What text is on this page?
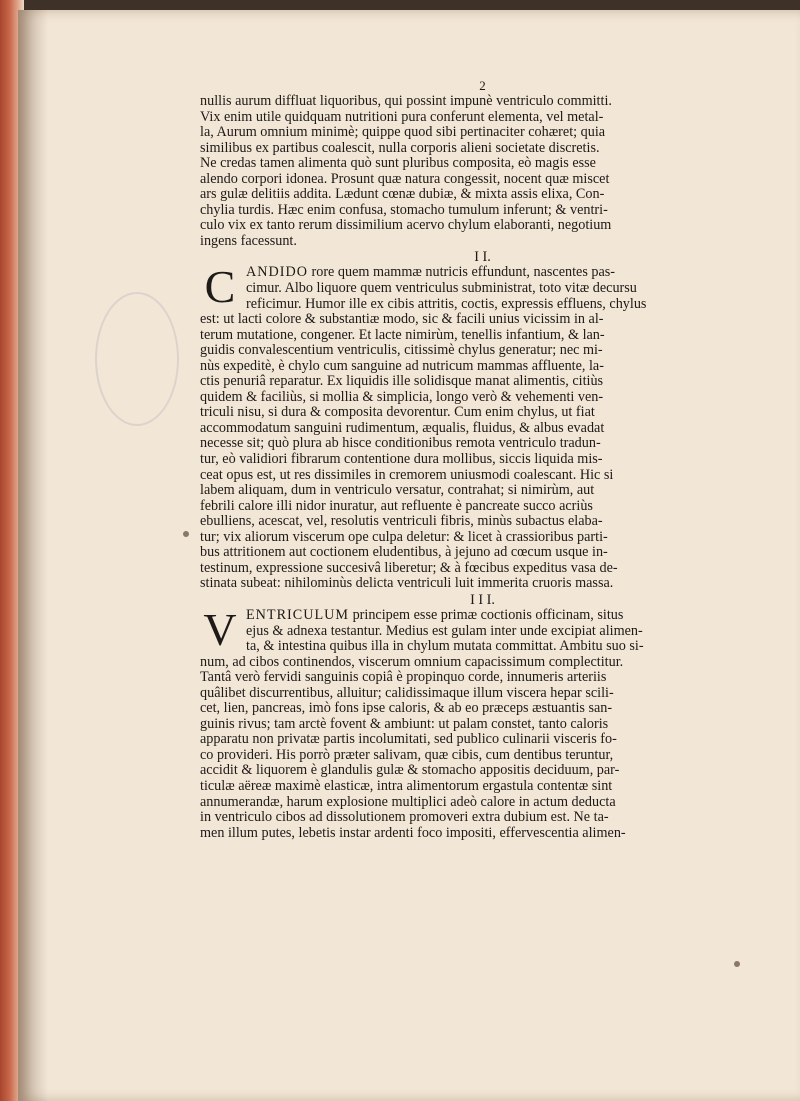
2

nullis aurum diffluat liquoribus, qui possint impunè ventriculo committi.
Vix enim utile quidquam nutritioni pura conferunt elementa, vel metal-
la, Aurum omnium minimè; quippe quod sibi pertinaciter cohæret; quia
similibus ex partibus coalescit, nulla corporis alieni societate discretis.
Ne credas tamen alimenta quò sunt pluribus composita, eò magis esse
alendo corpori idonea. Prosunt quæ natura congessit, nocent quæ miscet
ars gulæ delitiis addita. Lædunt cœnæ dubiæ, & mixta assis elixa, Con-
chylia turdis. Hæc enim confusa, stomacho tumulum inferunt; & ventri-
culo vix ex tanto rerum dissimilium acervo chylum elaboranti, negotium
ingens facessunt.

I I.

C ANDIDO rore quem mammæ nutricis effundunt, nascentes pas-
cimur. Albo liquore quem ventriculus subministrat, toto vitæ decursu
reficimur. Humor ille ex cibis attritis, coctis, expressis effluens, chylus
est: ut lacti colore & substantiæ modo, sic & facili unius vicissim in al-
terum mutatione, congener. Et lacte nimirùm, tenellis infantium, & lan-
guidis convalescentium ventriculis, citissimè chylus generatur; nec mi-
nùs expeditè, è chylo cum sanguine ad nutricum mammas affluente, la-
ctis penuriâ reparatur. Ex liquidis ille solidisque manat alimentis, citiùs
quidem & faciliùs, si mollia & simplicia, longo verò & vehementi ven-
triculi nisu, si dura & composita devorentur. Cum enim chylus, ut fiat
accommodatum sanguini rudimentum, æqualis, fluidus, & albus evadat
necesse sit; quò plura ab hisce conditionibus remota ventriculo tradun-
tur, eò validiori fibrarum contentione dura mollibus, siccis liquida mis-
ceat opus est, ut res dissimiles in cremorem uniusmodi coalescant. Hic si
labem aliquam, dum in ventriculo versatur, contrahat; si nimirùm, aut
febrili calore illi nidor inuratur, aut refluente è pancreate succo acriùs
ebulliens, acescat, vel, resolutis ventriculi fibris, minùs subactus elaba-
tur; vix aliorum viscerum ope culpa deletur: & licet à crassioribus parti-
bus attritionem aut coctionem eludentibus, à jejuno ad cœcum usque in-
testinum, expressione succesivâ liberetur; & à fœcibus expeditus vasa de-
stinata subeat: nihilominùs delicta ventriculi luit immerita cruoris massa.

I I I.

V ENTRICULUM principem esse primæ coctionis officinam, situs
ejus & adnexa testantur. Medius est gulam inter unde excipiat alimen-
ta, & intestina quibus illa in chylum mutata committat. Ambitu suo si-
num, ad cibos continendos, viscerum omnium capacissimum complectitur.
Tantâ verò fervidi sanguinis copiâ è propinquo corde, innumeris arteriis
quâlibet discurrentibus, alluitur; calidissimaque illum viscera hepar scili-
cet, lien, pancreas, imò fons ipse caloris, & ab eo præceps æstuantis san-
guinis rivus; tam arctè fovent & ambiunt: ut palam constet, tanto caloris
apparatu non privatæ partis incolumitati, sed publico culinarii visceris fo-
co provideri. His porrò præter salivam, quæ cibis, cum dentibus teruntur,
accidit & liquorem è glandulis gulæ & stomacho appositis deciduum, par-
ticulæ aëreæ maximè elasticæ, intra alimentorum ergastula contentæ sint
annumerandæ, harum explosione multiplici adeò calore in actum deducta
in ventriculo cibos ad dissolutionem promoveri extra dubium est. Ne ta-
men illum putes, lebetis instar ardenti foco impositi, effervescentia alimen-
